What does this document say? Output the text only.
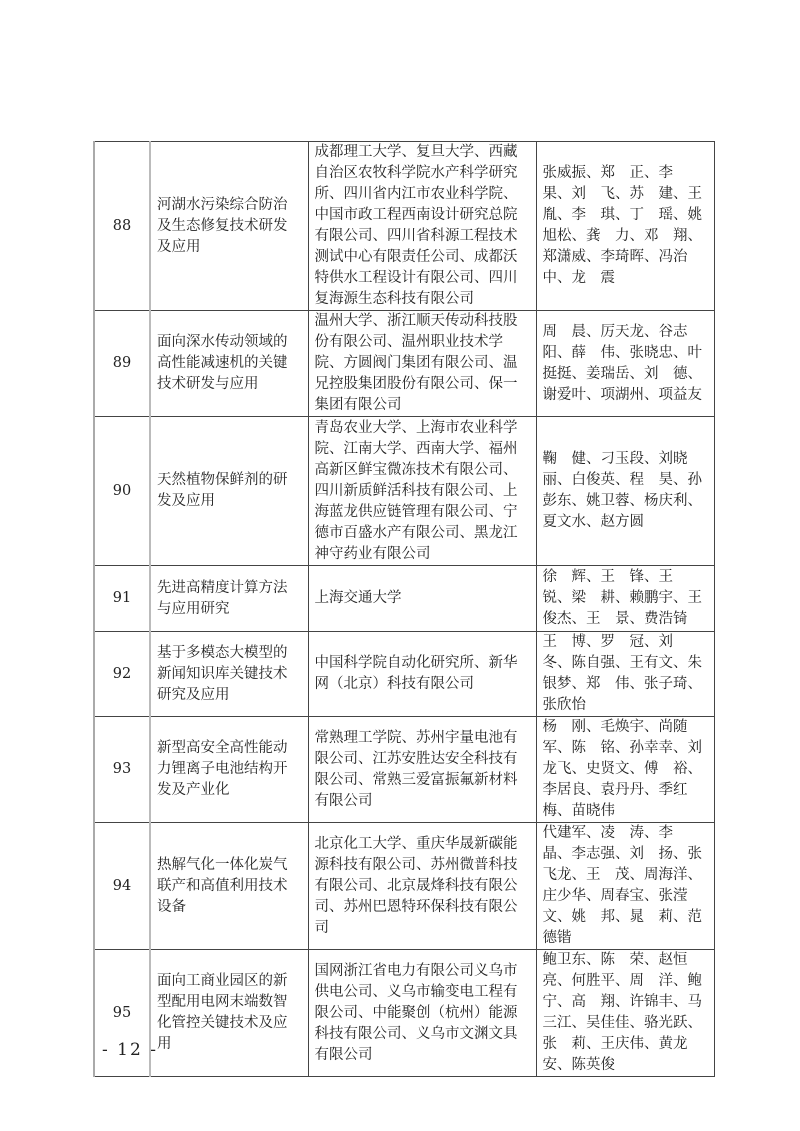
88	河湖水污染综合防治及生态修复技术研发及应用	成都理工大学、复旦大学、西藏自治区农牧科学院水产科学研究所、四川省内江市农业科学院、中国市政工程西南设计研究总院有限公司、四川省科源工程技术测试中心有限责任公司、成都沃特供水工程设计有限公司、四川复海源生态科技有限公司	张威振、郑　正、李　果、刘　飞、苏　建、王　胤、李　琪、丁　瑶、姚旭松、龚　力、邓　翔、郑潇威、李琦晖、冯治中、龙　震
89	面向深水传动领域的高性能减速机的关键技术研发与应用	温州大学、浙江顺天传动科技股份有限公司、温州职业技术学院、方圆阀门集团有限公司、温兄控股集团股份有限公司、保一集团有限公司	周　晨、厉天龙、谷志阳、薛　伟、张晓忠、叶挺挺、姜瑞岳、刘　德、谢爱叶、项湖州、项益友
90	天然植物保鲜剂的研发及应用	青岛农业大学、上海市农业科学院、江南大学、西南大学、福州高新区鲜宝微冻技术有限公司、四川新质鲜活科技有限公司、上海蓝龙供应链管理有限公司、宁德市百盛水产有限公司、黑龙江神守药业有限公司	鞠　健、刁玉段、刘晓丽、白俊英、程　昊、孙彭东、姚卫蓉、杨庆利、夏文水、赵方圆
91	先进高精度计算方法与应用研究	上海交通大学	徐　辉、王　锋、王　锐、梁　耕、赖鹏宇、王俊杰、王　景、费浩锜
92	基于多模态大模型的新闻知识库关键技术研究及应用	中国科学院自动化研究所、新华网（北京）科技有限公司	王　博、罗　冠、刘　冬、陈自强、王有文、朱银梦、郑　伟、张子琦、张欣怡
93	新型高安全高性能动力锂离子电池结构开发及产业化	常熟理工学院、苏州宇量电池有限公司、江苏安胜达安全科技有限公司、常熟三爱富振氟新材料有限公司	杨　刚、毛焕宇、尚随军、陈　铭、孙幸幸、刘龙飞、史贤文、傅　裕、李居良、袁丹丹、季红梅、苗晓伟
94	热解气化一体化炭气联产和高值利用技术设备	北京化工大学、重庆华晟新碳能源科技有限公司、苏州微普科技有限公司、北京晟烽科技有限公司、苏州巴恩特环保科技有限公司	代建军、凌　涛、李　晶、李志强、刘　扬、张飞龙、王　茂、周海洋、庄少华、周春宝、张滢文、姚　邦、晁　莉、范德锴
95	面向工商业园区的新型配用电网末端数智化管控关键技术及应用	国网浙江省电力有限公司义乌市供电公司、义乌市输变电工程有限公司、中能聚创（杭州）能源科技有限公司、义乌市文渊文具有限公司	鲍卫东、陈　荣、赵恒亮、何胜平、周　洋、鲍　宁、高　翔、许锦丰、马三江、吴佳佳、骆光跃、张　莉、王庆伟、黄龙安、陈英俊
- 12 -
